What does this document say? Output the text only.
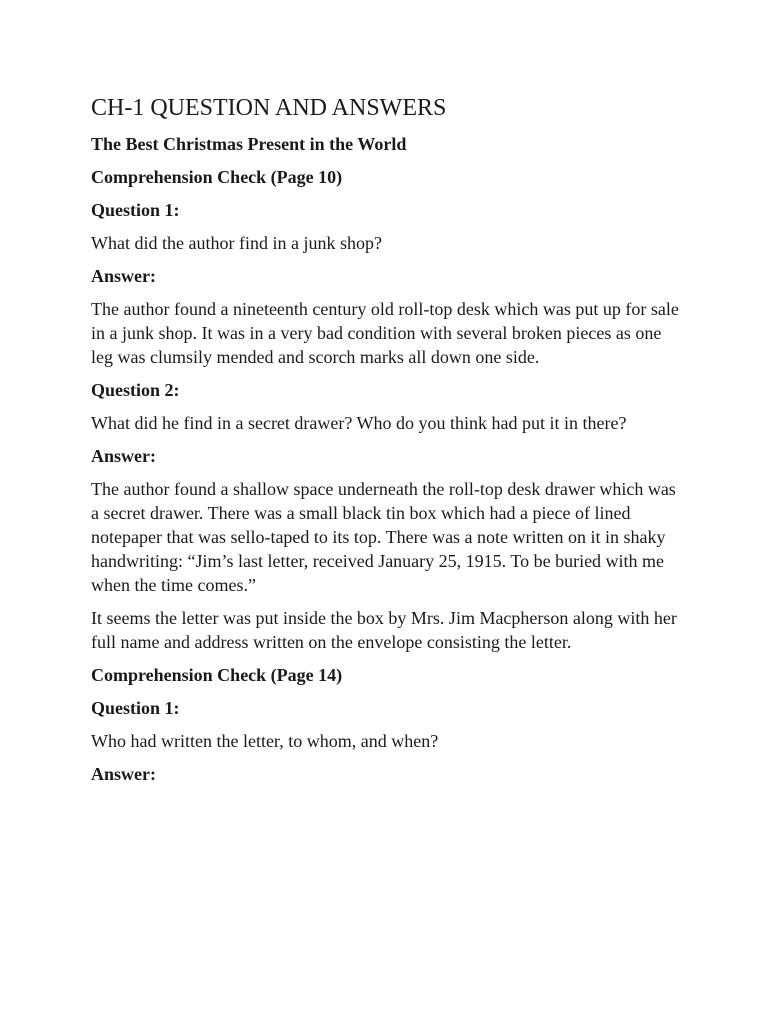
CH-1 QUESTION AND ANSWERS
The Best Christmas Present in the World
Comprehension Check (Page 10)
Question 1:

What did the author find in a junk shop?

Answer:

The author found a nineteenth century old roll-top desk which was put up for sale in a junk shop. It was in a very bad condition with several broken pieces as one leg was clumsily mended and scorch marks all down one side.

Question 2:

What did he find in a secret drawer? Who do you think had put it in there?

Answer:

The author found a shallow space underneath the roll-top desk drawer which was a secret drawer. There was a small black tin box which had a piece of lined notepaper that was sello-taped to its top. There was a note written on it in shaky handwriting: “Jim’s last letter, received January 25, 1915. To be buried with me when the time comes.”

It seems the letter was put inside the box by Mrs. Jim Macpherson along with her full name and address written on the envelope consisting the letter.

Comprehension Check (Page 14)
Question 1:

Who had written the letter, to whom, and when?

Answer:
